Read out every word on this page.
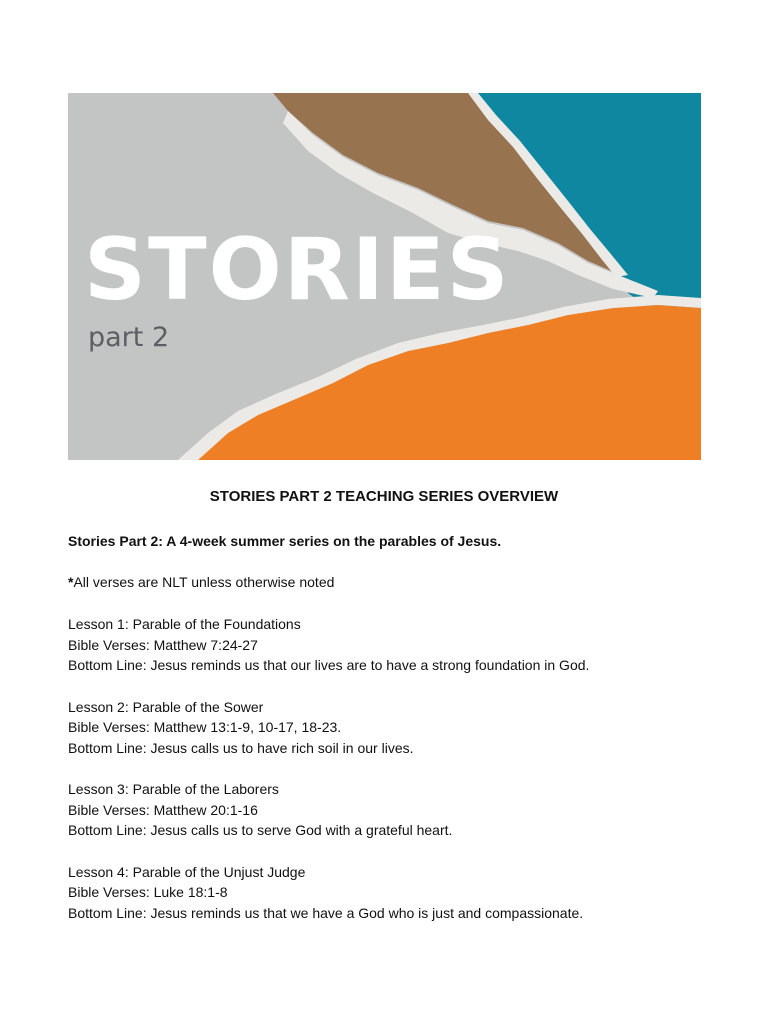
STORIES
part 2
STORIES PART 2 TEACHING SERIES OVERVIEW
Stories Part 2: A 4-week summer series on the parables of Jesus.
*All verses are NLT unless otherwise noted
Lesson 1: Parable of the Foundations
Bible Verses: Matthew 7:24-27
Bottom Line: Jesus reminds us that our lives are to have a strong foundation in God.
Lesson 2: Parable of the Sower
Bible Verses: Matthew 13:1-9, 10-17, 18-23.
Bottom Line: Jesus calls us to have rich soil in our lives.
Lesson 3: Parable of the Laborers
Bible Verses: Matthew 20:1-16
Bottom Line: Jesus calls us to serve God with a grateful heart.
Lesson 4: Parable of the Unjust Judge
Bible Verses: Luke 18:1-8
Bottom Line: Jesus reminds us that we have a God who is just and compassionate.
